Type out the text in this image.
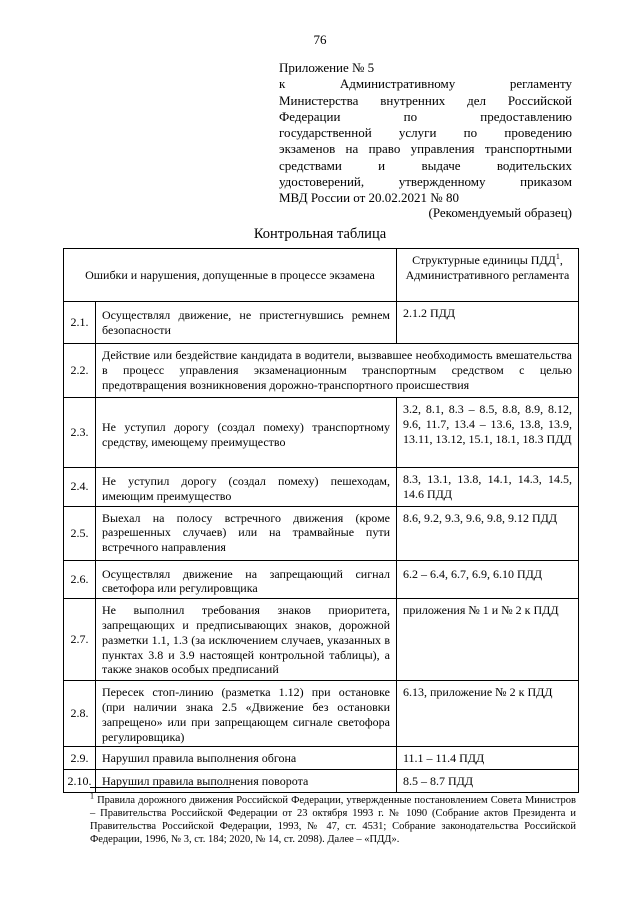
76
Приложение № 5
к Административному регламенту
Министерства внутренних дел Российской
Федерации по предоставлению
государственной услуги по проведению
экзаменов на право управления транспортными
средствами и выдаче водительских
удостоверений, утвержденному приказом
МВД России от 20.02.2021 № 80
(Рекомендуемый образец)
Контрольная таблица
Ошибки и нарушения, допущенные в процессе экзамена		Структурные единицы ПДД$^1$, Административного регламента
2.1.	Осуществлял движение, не пристегнувшись ремнем безопасности	2.1.2 ПДД
2.2.	Действие или бездействие кандидата в водители, вызвавшее необходимость вмешательства в процесс управления экзаменационным транспортным средством с целью предотвращения возникновения дорожно-транспортного происшествия	
2.3.	Не уступил дорогу (создал помеху) транспортному средству, имеющему преимущество	3.2, 8.1, 8.3 – 8.5, 8.8, 8.9, 8.12, 9.6, 11.7, 13.4 – 13.6, 13.8, 13.9, 13.11, 13.12, 15.1, 18.1, 18.3 ПДД
2.4.	Не уступил дорогу (создал помеху) пешеходам, имеющим преимущество	8.3, 13.1, 13.8, 14.1, 14.3, 14.5, 14.6 ПДД
2.5.	Выехал на полосу встречного движения (кроме разрешенных случаев) или на трамвайные пути встречного направления	8.6, 9.2, 9.3, 9.6, 9.8, 9.12 ПДД
2.6.	Осуществлял движение на запрещающий сигнал светофора или регулировщика	6.2 – 6.4, 6.7, 6.9, 6.10 ПДД
2.7.	Не выполнил требования знаков приоритета, запрещающих и предписывающих знаков, дорожной разметки 1.1, 1.3 (за исключением случаев, указанных в пунктах 3.8 и 3.9 настоящей контрольной таблицы), а также знаков особых предписаний	приложения № 1 и № 2 к ПДД
2.8.	Пересек стоп-линию (разметка 1.12) при остановке (при наличии знака 2.5 «Движение без остановки запрещено» или при запрещающем сигнале светофора регулировщика)	6.13, приложение № 2 к ПДД
2.9.	Нарушил правила выполнения обгона	11.1 – 11.4 ПДД
2.10.	Нарушил правила выполнения поворота	8.5 – 8.7 ПДД
$^1$ Правила дорожного движения Российской Федерации, утвержденные постановлением Совета Министров – Правительства Российской Федерации от 23 октября 1993 г. № 1090 (Собрание актов Президента и Правительства Российской Федерации, 1993, № 47, ст. 4531; Собрание законодательства Российской Федерации, 1996, № 3, ст. 184; 2020, № 14, ст. 2098). Далее – «ПДД».
